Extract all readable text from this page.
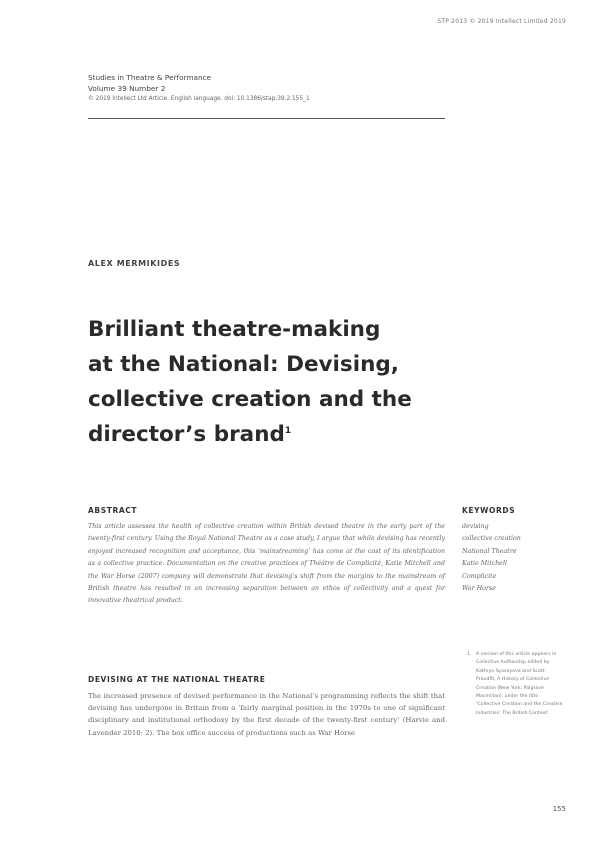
STP 2013 © 2019 Intellect Limited 2019
Studies in Theatre & Performance
Volume 39 Number 2
© 2019 Intellect Ltd Article. English language. doi: 10.1386/stap.39.2.155_1
ALEX MERMIKIDES
Brilliant theatre-making
at the National: Devising,
collective creation and the
director’s brand$^1$
ABSTRACT

This article assesses the health of collective creation within British devised theatre in the early part of the twenty-first century. Using the Royal National Theatre as a case study, I argue that while devising has recently enjoyed increased recognition and acceptance, this ‘mainstreaming’ has come at the cost of its identification as a collective practice. Documentation on the creative practices of Théâtre de Complicité, Katie Mitchell and the War Horse (2007) company will demonstrate that devising’s shift from the margins to the mainstream of British theatre has resulted in an increasing separation between an ethos of collectivity and a quest for innovative theatrical product.

KEYWORDS
devising
collective creation
National Theatre
Katie Mitchell
Complicite
War Horse
DEVISING AT THE NATIONAL THEATRE

The increased presence of devised performance in the National’s programming reflects the shift that devising has undergone in Britain from a ‘fairly marginal position in the 1970s to one of significant disciplinary and institutional orthodoxy by the first decade of the twenty-first century’ (Harvie and Lavender 2010: 2). The box office success of productions such as War Horse

1. A version of this article appears in Collective Authorship edited by Kathryn Syssoyeva and Scott Proudfit, A History of Collective Creation (New York: Palgrave Macmillan), under the title ‘Collective Creation and the Creative Industries: The British Context’.
155
